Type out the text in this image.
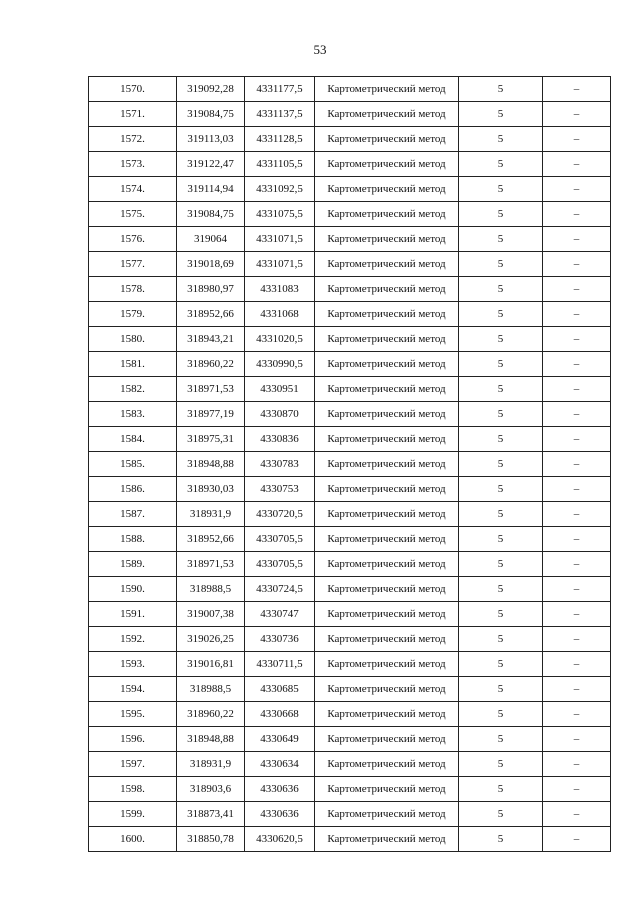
53
1570.	319092,28	4331177,5	Картометрический метод	5	–
1571.	319084,75	4331137,5	Картометрический метод	5	–
1572.	319113,03	4331128,5	Картометрический метод	5	–
1573.	319122,47	4331105,5	Картометрический метод	5	–
1574.	319114,94	4331092,5	Картометрический метод	5	–
1575.	319084,75	4331075,5	Картометрический метод	5	–
1576.	319064	4331071,5	Картометрический метод	5	–
1577.	319018,69	4331071,5	Картометрический метод	5	–
1578.	318980,97	4331083	Картометрический метод	5	–
1579.	318952,66	4331068	Картометрический метод	5	–
1580.	318943,21	4331020,5	Картометрический метод	5	–
1581.	318960,22	4330990,5	Картометрический метод	5	–
1582.	318971,53	4330951	Картометрический метод	5	–
1583.	318977,19	4330870	Картометрический метод	5	–
1584.	318975,31	4330836	Картометрический метод	5	–
1585.	318948,88	4330783	Картометрический метод	5	–
1586.	318930,03	4330753	Картометрический метод	5	–
1587.	318931,9	4330720,5	Картометрический метод	5	–
1588.	318952,66	4330705,5	Картометрический метод	5	–
1589.	318971,53	4330705,5	Картометрический метод	5	–
1590.	318988,5	4330724,5	Картометрический метод	5	–
1591.	319007,38	4330747	Картометрический метод	5	–
1592.	319026,25	4330736	Картометрический метод	5	–
1593.	319016,81	4330711,5	Картометрический метод	5	–
1594.	318988,5	4330685	Картометрический метод	5	–
1595.	318960,22	4330668	Картометрический метод	5	–
1596.	318948,88	4330649	Картометрический метод	5	–
1597.	318931,9	4330634	Картометрический метод	5	–
1598.	318903,6	4330636	Картометрический метод	5	–
1599.	318873,41	4330636	Картометрический метод	5	–
1600.	318850,78	4330620,5	Картометрический метод	5	–
